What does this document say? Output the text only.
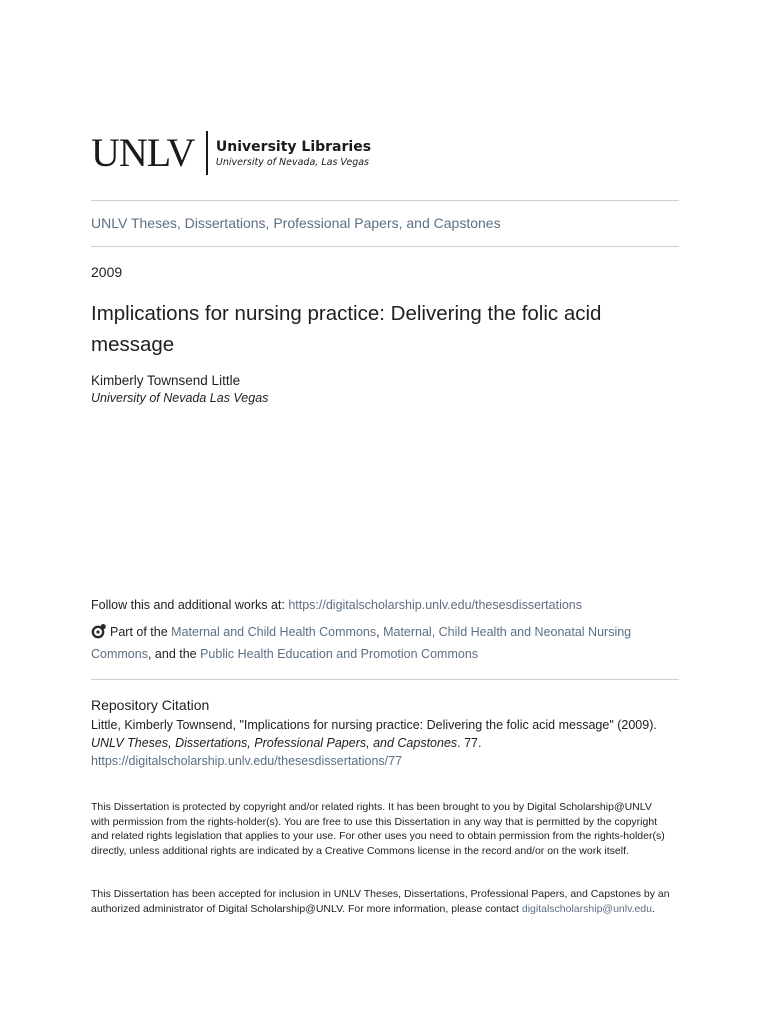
UNLV	University Libraries
University of Nevada, Las Vegas
UNLV Theses, Dissertations, Professional Papers, and Capstones
2009
Implications for nursing practice: Delivering the folic acid message
Kimberly Townsend Little
University of Nevada Las Vegas
Follow this and additional works at: https://digitalscholarship.unlv.edu/thesesdissertations
Part of the Maternal and Child Health Commons, Maternal, Child Health and Neonatal Nursing Commons, and the Public Health Education and Promotion Commons
Repository Citation
Little, Kimberly Townsend, "Implications for nursing practice: Delivering the folic acid message" (2009).
UNLV Theses, Dissertations, Professional Papers, and Capstones. 77.
https://digitalscholarship.unlv.edu/thesesdissertations/77

This Dissertation is protected by copyright and/or related rights. It has been brought to you by Digital Scholarship@UNLV with permission from the rights-holder(s). You are free to use this Dissertation in any way that is permitted by the copyright and related rights legislation that applies to your use. For other uses you need to obtain permission from the rights-holder(s) directly, unless additional rights are indicated by a Creative Commons license in the record and/or on the work itself.

This Dissertation has been accepted for inclusion in UNLV Theses, Dissertations, Professional Papers, and Capstones by an authorized administrator of Digital Scholarship@UNLV. For more information, please contact digitalscholarship@unlv.edu.
